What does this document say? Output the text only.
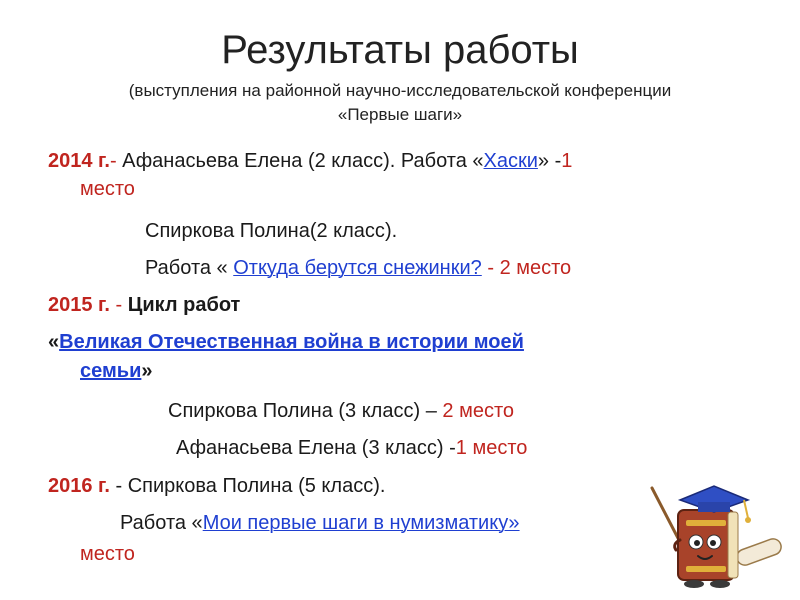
Результаты работы
(выступления на районной научно-исследовательской конференции
«Первые шаги»
2014 г.- Афанасьева Елена (2 класс). Работа «Хаски» -1
место
Спиркова Полина(2 класс).
Работа « Откуда берутся снежинки? - 2 место
2015 г. - Цикл работ
«Великая Отечественная война в истории моей
семьи»
Спиркова Полина (3 класс) – 2 место
Афанасьева Елена (3 класс) -1 место
2016 г. - Спиркова Полина (5 класс).
Работа «Мои первые шаги в нумизматику»
место
